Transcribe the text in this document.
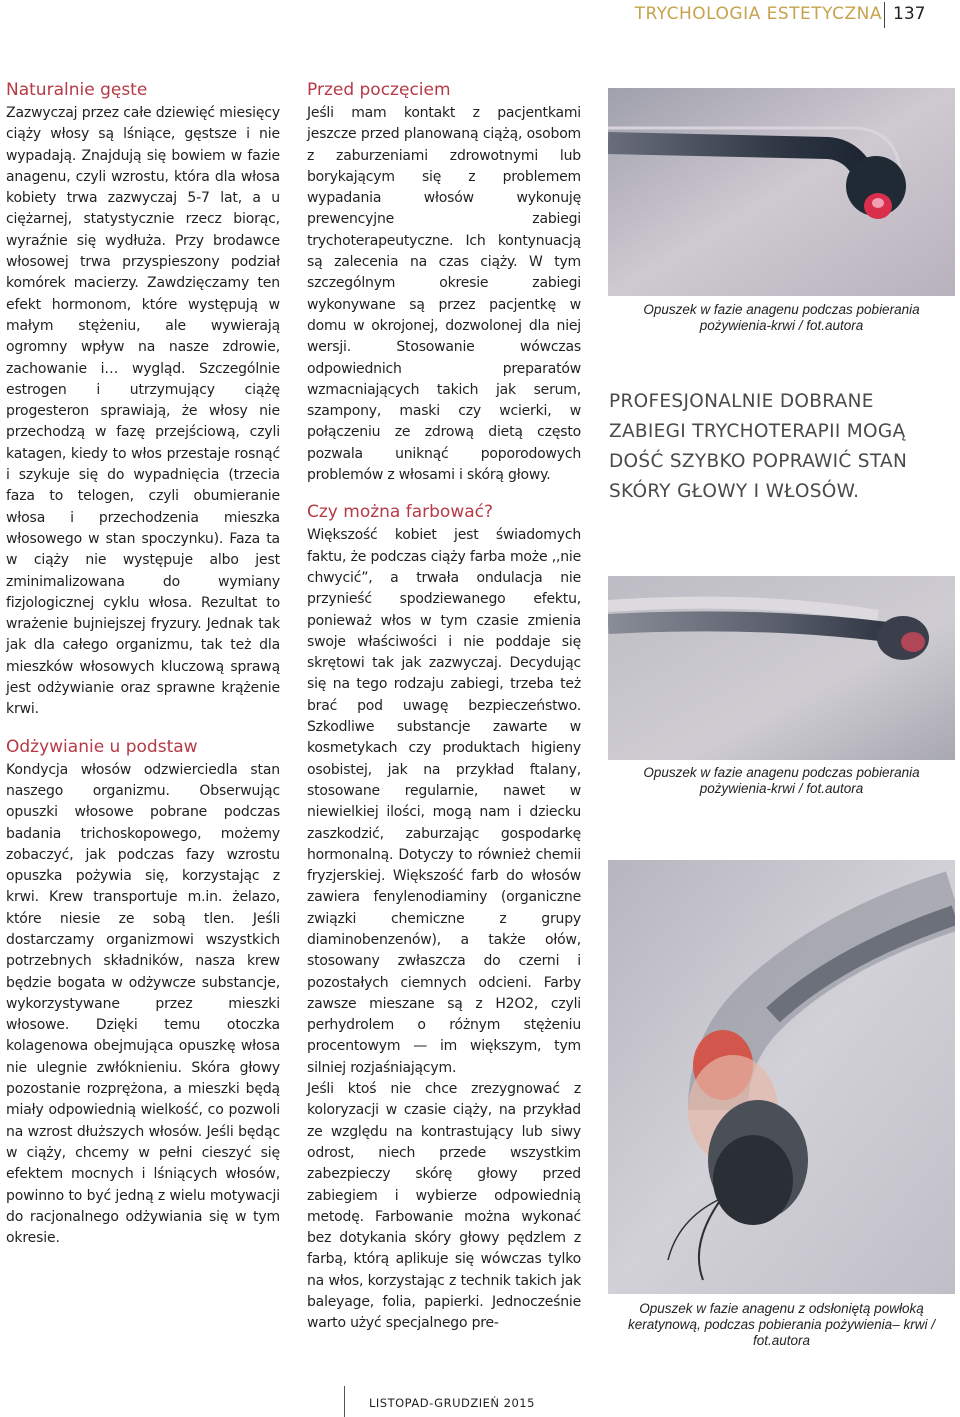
TRYCHOLOGIA ESTETYCZNA 137
Naturalnie gęste

Zazwyczaj przez całe dziewięć miesięcy ciąży włosy są lśniące, gęstsze i nie wypadają. Znajdują się bowiem w fazie anagenu, czyli wzrostu, która dla włosa kobiety trwa zazwyczaj 5-7 lat, a u ciężarnej, statystycznie rzecz biorąc, wyraźnie się wydłuża. Przy brodawce włosowej trwa przyspieszony podział komórek macierzy. Zawdzięczamy ten efekt hormonom, które występują w małym stężeniu, ale wywierają ogromny wpływ na nasze zdrowie, zachowanie i… wygląd. Szczególnie estrogen i utrzymujący ciążę progesteron sprawiają, że włosy nie przechodzą w fazę przejściową, czyli katagen, kiedy to włos przestaje rosnąć i szykuje się do wypadnięcia (trzecia faza to telogen, czyli obumieranie włosa i przechodzenia mieszka włosowego w stan spoczynku). Faza ta w ciąży nie występuje albo jest zminimalizowana do wymiany fizjologicznej cyklu włosa. Rezultat to wrażenie bujniejszej fryzury. Jednak tak jak dla całego organizmu, tak też dla mieszków włosowych kluczową sprawą jest odżywianie oraz sprawne krążenie krwi.

Odżywianie u podstaw

Kondycja włosów odzwierciedla stan naszego organizmu. Obserwując opuszki włosowe pobrane podczas badania trichoskopowego, możemy zobaczyć, jak podczas fazy wzrostu opuszka pożywia się, korzystając z krwi. Krew transportuje m.in. żelazo, które niesie ze sobą tlen. Jeśli dostarczamy organizmowi wszystkich potrzebnych składników, nasza krew będzie bogata w odżywcze substancje, wykorzystywane przez mieszki włosowe. Dzięki temu otoczka kolagenowa obejmująca opuszkę włosa nie ulegnie zwłóknieniu. Skóra głowy pozostanie rozprężona, a mieszki będą miały odpowiednią wielkość, co pozwoli na wzrost dłuższych włosów. Jeśli będąc w ciąży, chcemy w pełni cieszyć się efektem mocnych i lśniących włosów, powinno to być jedną z wielu motywacji do racjonalnego odżywiania się w tym okresie.

Przed poczęciem

Jeśli mam kontakt z pacjentkami jeszcze przed planowaną ciążą, osobom z zaburzeniami zdrowotnymi lub borykającym się z problemem wypadania włosów wykonuję prewencyjne zabiegi trychoterapeutyczne. Ich kontynuacją są zalecenia na czas ciąży. W tym szczególnym okresie zabiegi wykonywane są przez pacjentkę w domu w okrojonej, dozwolonej dla niej wersji. Stosowanie wówczas odpowiednich preparatów wzmacniających takich jak serum, szampony, maski czy wcierki, w połączeniu ze zdrową dietą często pozwala uniknąć poporodowych problemów z włosami i skórą głowy.

Czy można farbować?

Większość kobiet jest świadomych faktu, że podczas ciąży farba może ,,nie chwycić”, a trwała ondulacja nie przynieść spodziewanego efektu, ponieważ włos w tym czasie zmienia swoje właściwości i nie poddaje się skrętowi tak jak zazwyczaj. Decydując się na tego rodzaju zabiegi, trzeba też brać pod uwagę bezpieczeństwo. Szkodliwe substancje zawarte w kosmetykach czy produktach higieny osobistej, jak na przykład ftalany, stosowane regularnie, nawet w niewielkiej ilości, mogą nam i dziecku zaszkodzić, zaburzając gospodarkę hormonalną. Dotyczy to również chemii fryzjerskiej. Większość farb do włosów zawiera fenylenodiaminy (organiczne związki chemiczne z grupy diaminobenzenów), a także ołów, stosowany zwłaszcza do czerni i pozostałych ciemnych odcieni. Farby zawsze mieszane są z H2O2, czyli perhydrolem o różnym stężeniu procentowym — im większym, tym silniej rozjaśniającym.

Jeśli ktoś nie chce zrezygnować z koloryzacji w czasie ciąży, na przykład ze względu na kontrastujący lub siwy odrost, niech przede wszystkim zabezpieczy skórę głowy przed zabiegiem i wybierze odpowiednią metodę. Farbowanie można wykonać bez dotykania skóry głowy pędzlem z farbą, którą aplikuje się wówczas tylko na włos, korzystając z technik takich jak baleyage, folia, papierki. Jednocześnie warto użyć specjalnego pre-

Opuszek w fazie anagenu podczas pobierania pożywienia-krwi / fot.autora
PROFESJONALNIE DOBRANE ZABIEGI TRYCHOTERAPII MOGĄ DOŚĆ SZYBKO POPRAWIĆ STAN SKÓRY GŁOWY I WŁOSÓW.
Opuszek w fazie anagenu podczas pobierania pożywienia-krwi / fot.autora
Opuszek w fazie anagenu z odsłoniętą powłoką keratynową, podczas pobierania pożywienia– krwi / fot.autora
LISTOPAD-GRUDZIEŃ 2015
